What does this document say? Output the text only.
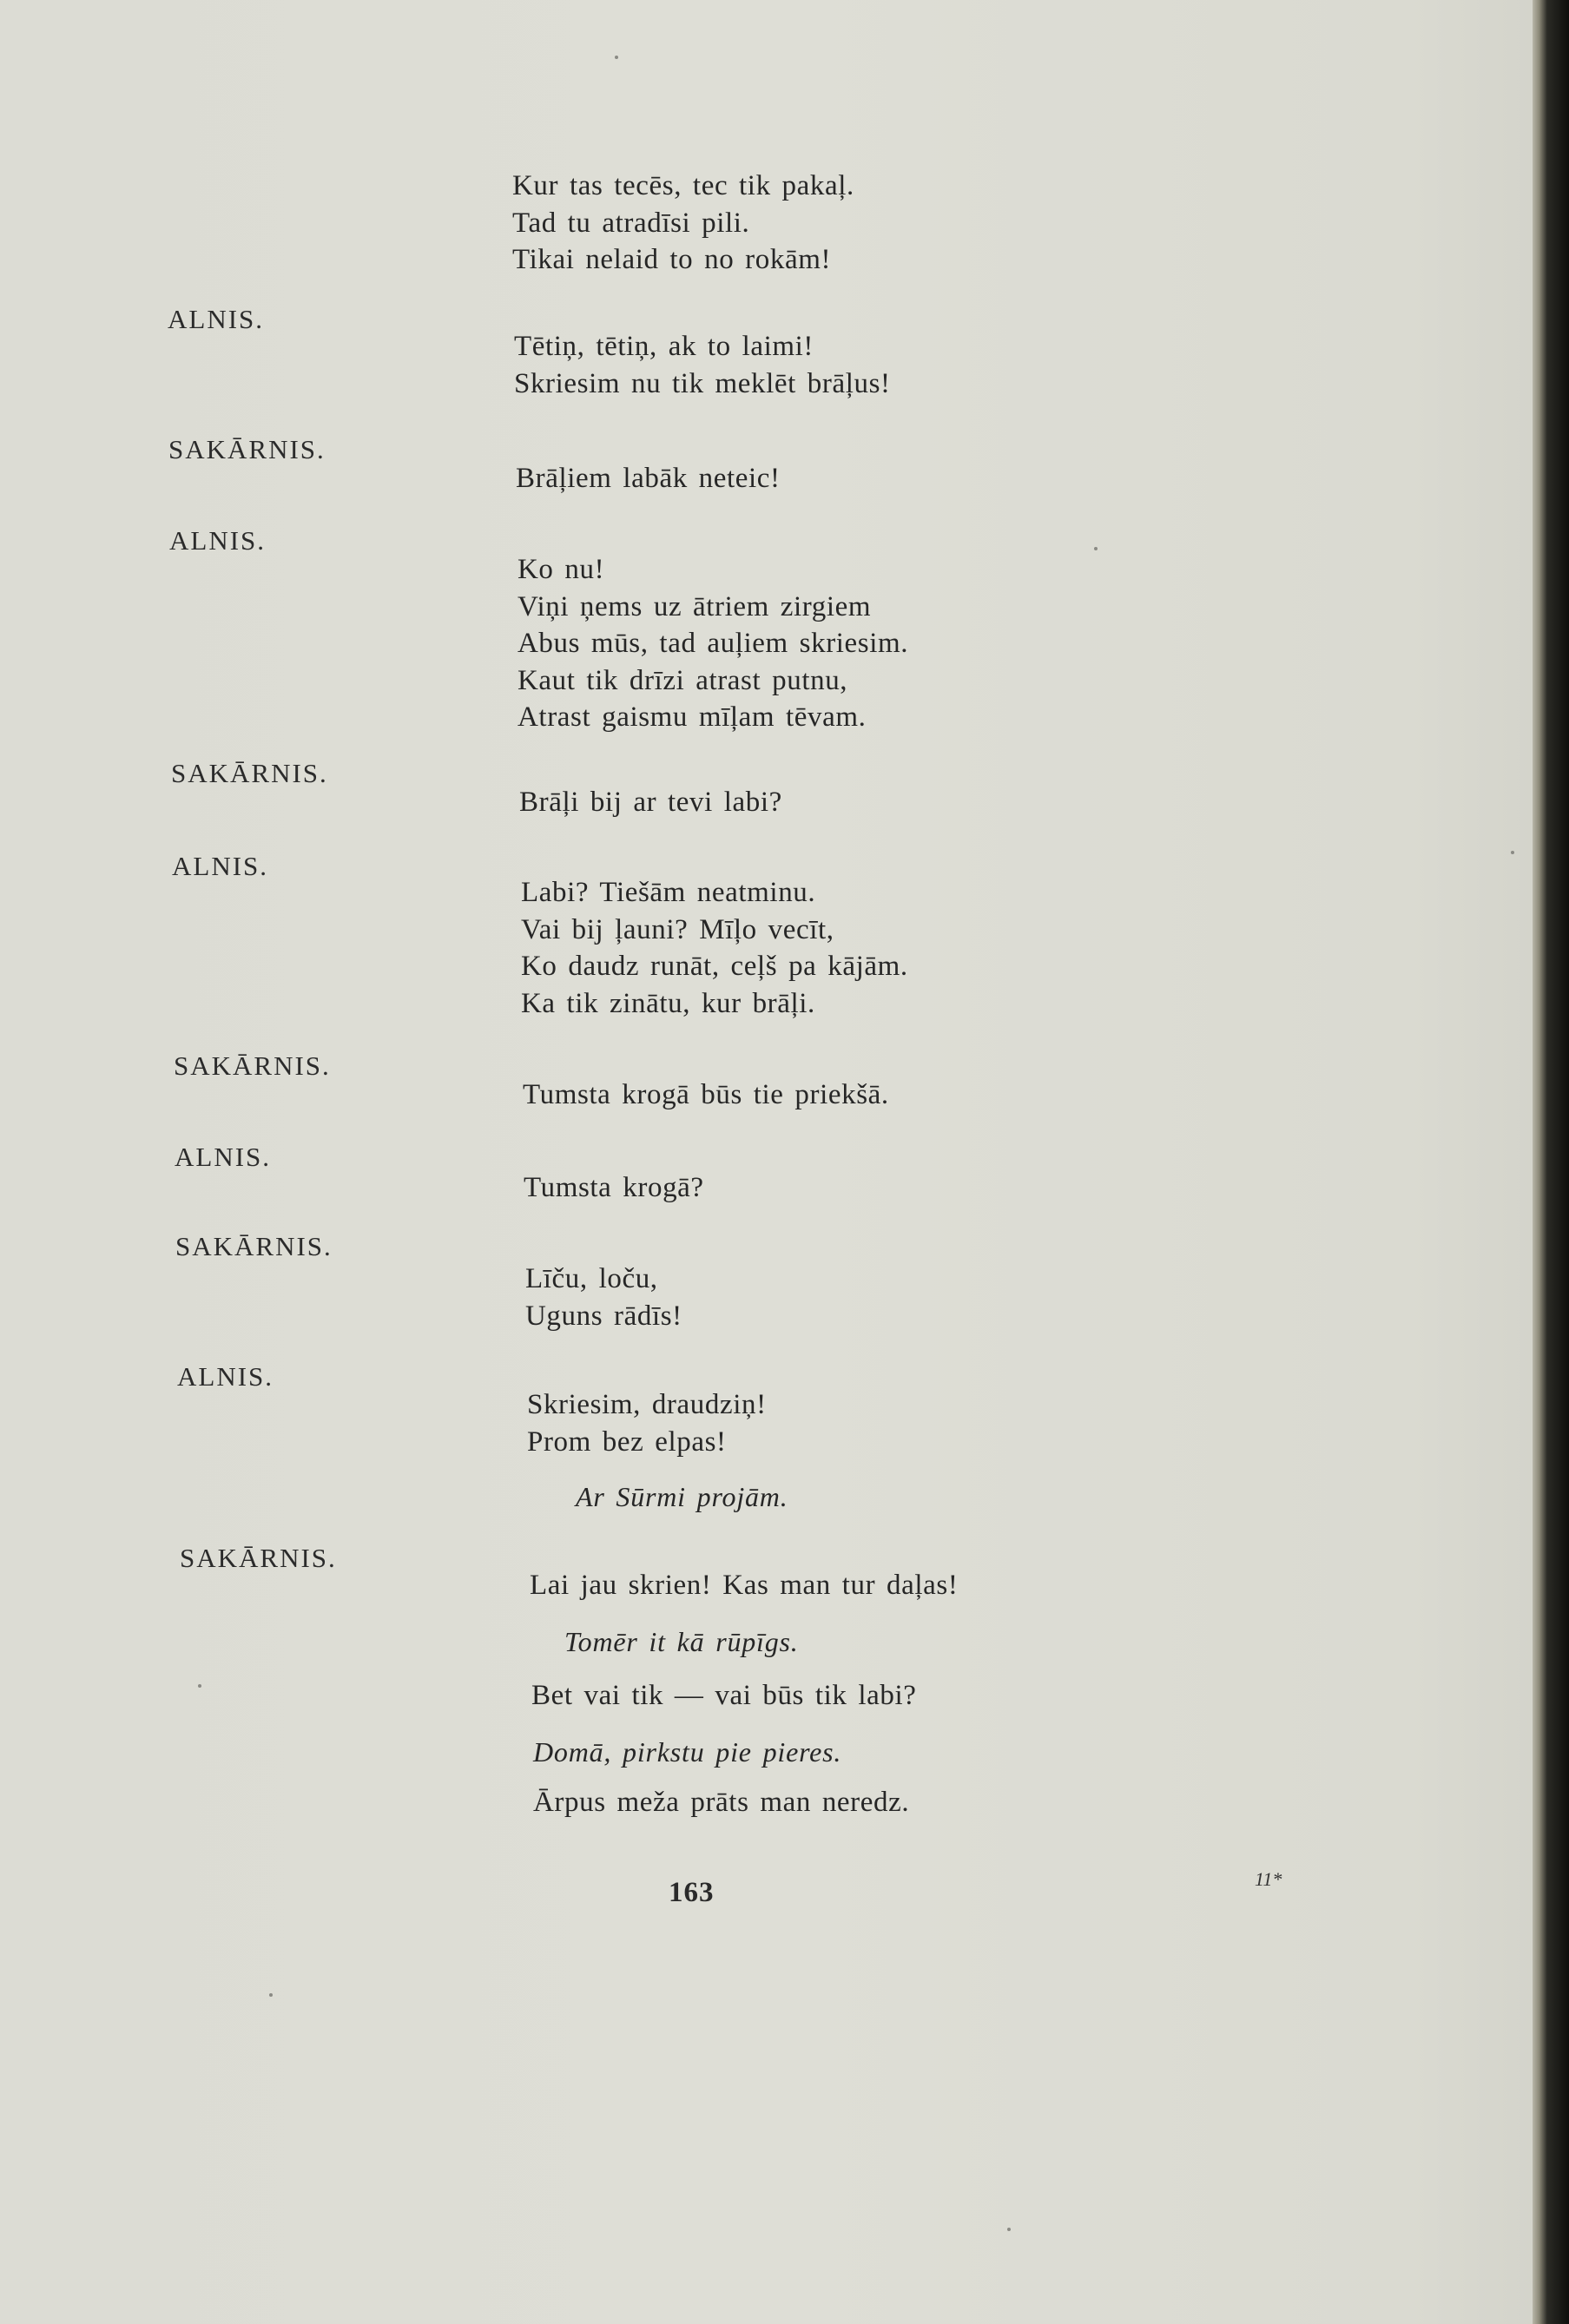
Kur tas tecēs, tec tik pakaļ.
Tad tu atradīsi pili.
Tikai nelaid to no rokām!
ALNIS.
Tētiņ, tētiņ, ak to laimi!
Skriesim nu tik meklēt brāļus!
SAKĀRNIS.
Brāļiem labāk neteic!
ALNIS.
Ko nu!
Viņi ņems uz ātriem zirgiem
Abus mūs, tad auļiem skriesim.
Kaut tik drīzi atrast putnu,
Atrast gaismu mīļam tēvam.
SAKĀRNIS.
Brāļi bij ar tevi labi?
ALNIS.
Labi? Tiešām neatminu.
Vai bij ļauni? Mīļo vecīt,
Ko daudz runāt, ceļš pa kājām.
Ka tik zinātu, kur brāļi.
SAKĀRNIS.
Tumsta krogā būs tie priekšā.
ALNIS.
Tumsta krogā?
SAKĀRNIS.
Līču, loču,
Uguns rādīs!
ALNIS.
Skriesim, draudziņ!
Prom bez elpas!
Ar Sūrmi projām.
SAKĀRNIS.
Lai jau skrien! Kas man tur daļas!
Tomēr it kā rūpīgs.
Bet vai tik — vai būs tik labi?
Domā, pirkstu pie pieres.
Ārpus meža prāts man neredz.
163	11*
